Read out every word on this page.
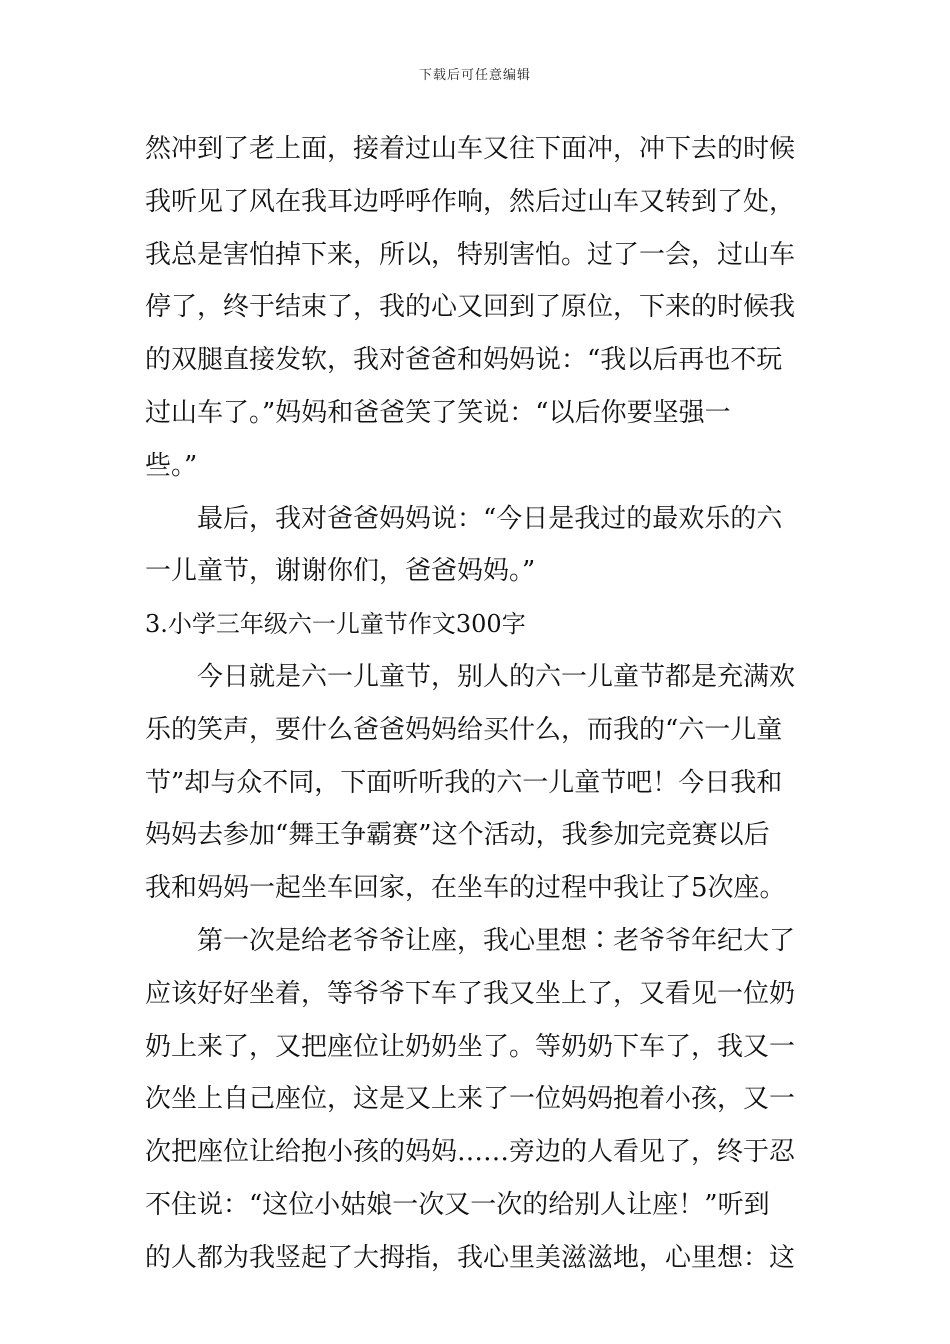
下载后可任意编辑
然冲到了老上面，接着过山车又往下面冲，冲下去的时候
我听见了风在我耳边呼呼作响，然后过山车又转到了处，
我总是害怕掉下来，所以，特别害怕。过了一会，过山车
停了，终于结束了，我的心又回到了原位，下来的时候我
的双腿直接发软，我对爸爸和妈妈说：“我以后再也不玩
过山车了。”妈妈和爸爸笑了笑说：“以后你要坚强一
些。”
最后，我对爸爸妈妈说：“今日是我过的最欢乐的六
一儿童节，谢谢你们，爸爸妈妈。”
3.小学三年级六一儿童节作文300字
今日就是六一儿童节，别人的六一儿童节都是充满欢
乐的笑声，要什么爸爸妈妈给买什么，而我的“六一儿童
节”却与众不同，下面听听我的六一儿童节吧！今日我和
妈妈去参加“舞王争霸赛”这个活动，我参加完竞赛以后
我和妈妈一起坐车回家，在坐车的过程中我让了5次座。
第一次是给老爷爷让座，我心里想∶老爷爷年纪大了
应该好好坐着，等爷爷下车了我又坐上了，又看见一位奶
奶上来了，又把座位让奶奶坐了。等奶奶下车了，我又一
次坐上自己座位，这是又上来了一位妈妈抱着小孩，又一
次把座位让给抱小孩的妈妈……旁边的人看见了，终于忍
不住说：“这位小姑娘一次又一次的给别人让座！”听到
的人都为我竖起了大拇指，我心里美滋滋地，心里想：这
